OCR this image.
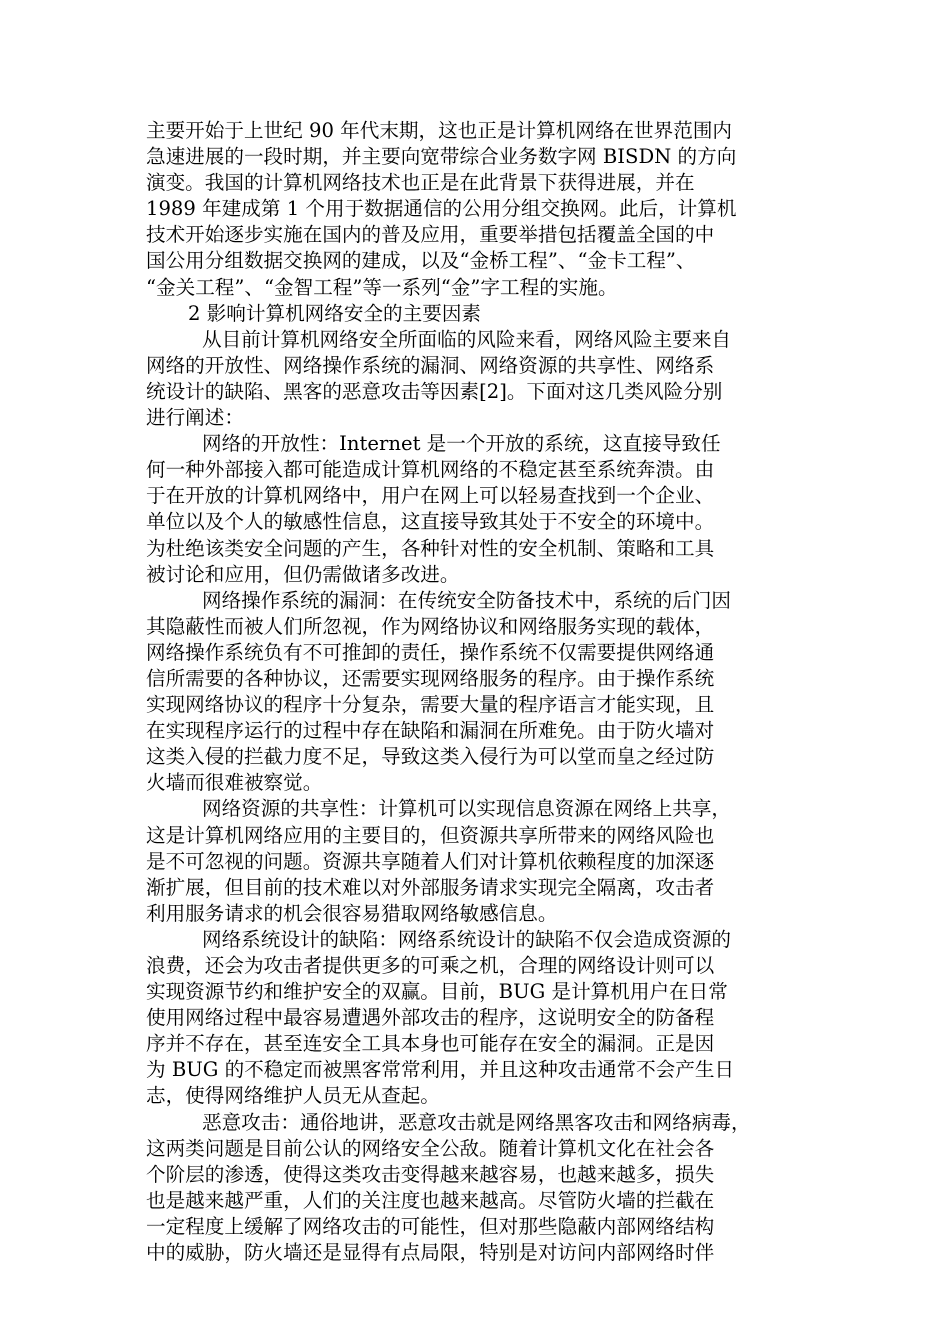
主要开始于上世纪 90 年代末期，这也正是计算机网络在世界范围内
急速进展的一段时期，并主要向宽带综合业务数字网 BISDN 的方向
演变。我国的计算机网络技术也正是在此背景下获得进展，并在
1989 年建成第 1 个用于数据通信的公用分组交换网。此后，计算机
技术开始逐步实施在国内的普及应用，重要举措包括覆盖全国的中
国公用分组数据交换网的建成，以及“金桥工程”、“金卡工程”、
“金关工程”、“金智工程”等一系列“金”字工程的实施。
2 影响计算机网络安全的主要因素
从目前计算机网络安全所面临的风险来看，网络风险主要来自
网络的开放性、网络操作系统的漏洞、网络资源的共享性、网络系
统设计的缺陷、黑客的恶意攻击等因素[2]。下面对这几类风险分别
进行阐述：
网络的开放性：Internet 是一个开放的系统，这直接导致任
何一种外部接入都可能造成计算机网络的不稳定甚至系统奔溃。由
于在开放的计算机网络中，用户在网上可以轻易查找到一个企业、
单位以及个人的敏感性信息，这直接导致其处于不安全的环境中。
为杜绝该类安全问题的产生，各种针对性的安全机制、策略和工具
被讨论和应用，但仍需做诸多改进。
网络操作系统的漏洞：在传统安全防备技术中，系统的后门因
其隐蔽性而被人们所忽视，作为网络协议和网络服务实现的载体，
网络操作系统负有不可推卸的责任，操作系统不仅需要提供网络通
信所需要的各种协议，还需要实现网络服务的程序。由于操作系统
实现网络协议的程序十分复杂，需要大量的程序语言才能实现，且
在实现程序运行的过程中存在缺陷和漏洞在所难免。由于防火墙对
这类入侵的拦截力度不足，导致这类入侵行为可以堂而皇之经过防
火墙而很难被察觉。
网络资源的共享性：计算机可以实现信息资源在网络上共享，
这是计算机网络应用的主要目的，但资源共享所带来的网络风险也
是不可忽视的问题。资源共享随着人们对计算机依赖程度的加深逐
渐扩展，但目前的技术难以对外部服务请求实现完全隔离，攻击者
利用服务请求的机会很容易猎取网络敏感信息。
网络系统设计的缺陷：网络系统设计的缺陷不仅会造成资源的
浪费，还会为攻击者提供更多的可乘之机，合理的网络设计则可以
实现资源节约和维护安全的双赢。目前，BUG 是计算机用户在日常
使用网络过程中最容易遭遇外部攻击的程序，这说明安全的防备程
序并不存在，甚至连安全工具本身也可能存在安全的漏洞。正是因
为 BUG 的不稳定而被黑客常常利用，并且这种攻击通常不会产生日
志，使得网络维护人员无从查起。
恶意攻击：通俗地讲，恶意攻击就是网络黑客攻击和网络病毒，
这两类问题是目前公认的网络安全公敌。随着计算机文化在社会各
个阶层的渗透，使得这类攻击变得越来越容易，也越来越多，损失
也是越来越严重，人们的关注度也越来越高。尽管防火墙的拦截在
一定程度上缓解了网络攻击的可能性，但对那些隐蔽内部网络结构
中的威胁，防火墙还是显得有点局限，特别是对访问内部网络时伴
